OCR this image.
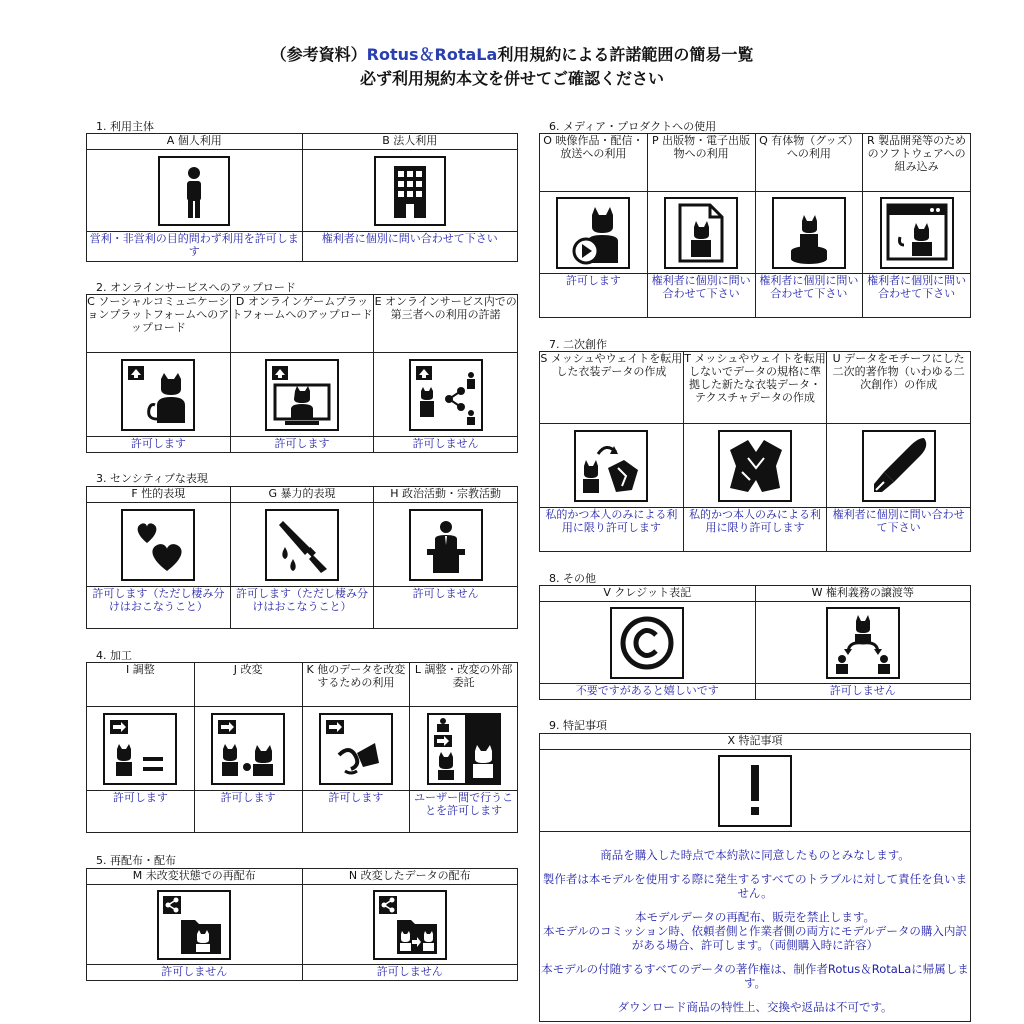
（参考資料）Rotus＆RotaLa利用規約による許諾範囲の簡易一覧
必ず利用規約本文を併せてご確認ください
1. 利用主体
A 個人利用	B 法人利用

営利・非営利の目的問わず利用を許可します	権利者に個別に問い合わせて下さい
2. オンラインサービスへのアップロード
C ソーシャルコミュニケーションプラットフォームへのアップロード	D オンラインゲームプラットフォームへのアップロード	E オンラインサービス内での第三者への利用の許諾

許可します	許可します	許可しません
3. センシティブな表現
F 性的表現	G 暴力的表現	H 政治活動・宗教活動

許可します（ただし棲み分けはおこなうこと）	許可します（ただし棲み分けはおこなうこと）	許可しません
4. 加工
I 調整	J 改変	K 他のデータを改変するための利用	L 調整・改変の外部委託

許可します	許可します	許可します	ユーザー間で行うことを許可します
5. 再配布・配布
M 未改変状態での再配布	N 改変したデータの配布

許可しません	許可しません
6. メディア・プロダクトへの使用
O 映像作品・配信・放送への利用	P 出版物・電子出版物への利用	Q 有体物（グッズ）への利用	R 製品開発等のためのソフトウェアへの組み込み

許可します	権利者に個別に問い合わせて下さい	権利者に個別に問い合わせて下さい	権利者に個別に問い合わせて下さい
7. 二次創作
S メッシュやウェイトを転用した衣装データの作成	T メッシュやウェイトを転用しないでデータの規格に準拠した新たな衣装データ・テクスチャデータの作成	U データをモチーフにした二次的著作物（いわゆる二次創作）の作成

私的かつ本人のみによる利用に限り許可します	私的かつ本人のみによる利用に限り許可します	権利者に個別に問い合わせて下さい
8. その他
V クレジット表記	W 権利義務の譲渡等

不要ですがあると嬉しいです	許可しません
9. 特記事項
X 特記事項

商品を購入した時点で本約款に同意したものとみなします。

製作者は本モデルを使用する際に発生するすべてのトラブルに対して責任を負いません。

本モデルデータの再配布、販売を禁止します。

本モデルのコミッション時、依頼者側と作業者側の両方にモデルデータの購入内訳がある場合、許可します。（両側購入時に許容）

本モデルの付随するすべてのデータの著作権は、制作者Rotus＆RotaLaに帰属します。

ダウンロード商品の特性上、交換や返品は不可です。
